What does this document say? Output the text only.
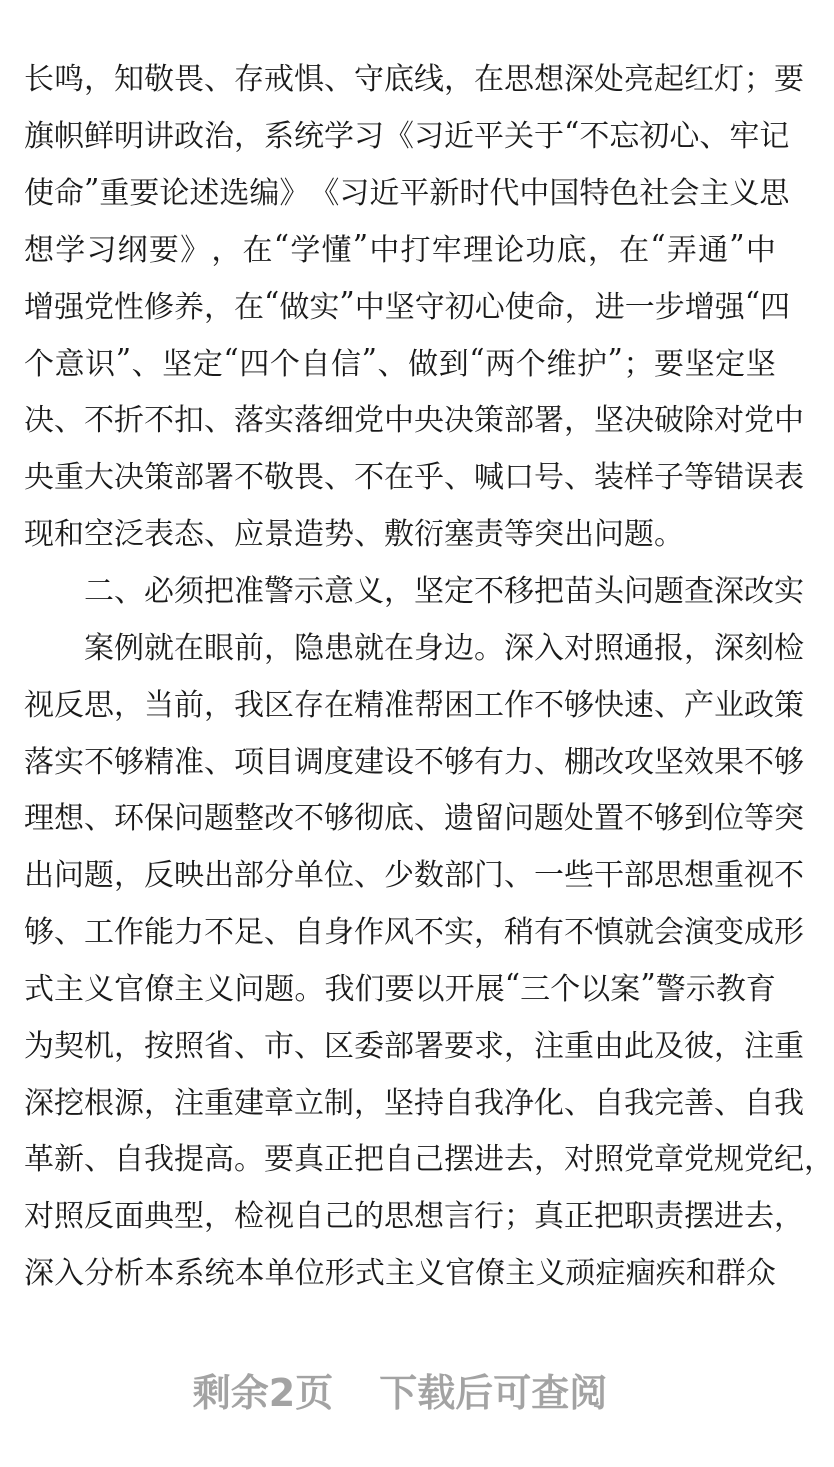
长 鸣 ， 知 敬 畏 、 存 戒 惧 、 守 底 线 ， 在 思 想 深 处 亮 起 红 灯 ； 要
旗 帜 鲜 明 讲 政 治 ， 系 统 学 习 《 习 近 平 关 于 “ 不 忘 初 心 、 牢 记
使 命 ” 重 要 论 述 选 编 》 《 习 近 平 新 时 代 中 国 特 色 社 会 主 义 思
想 学 习 纲 要 》 ， 在 “ 学 懂 ” 中 打 牢 理 论 功 底 ， 在 “ 弄 通 ” 中
增 强 党 性 修 养 ， 在 “ 做 实 ” 中 坚 守 初 心 使 命 ， 进 一 步 增 强 “ 四
个 意 识 ” 、 坚 定 “ 四 个 自 信 ” 、 做 到 “ 两 个 维 护 ” ； 要 坚 定 坚
决 、 不 折 不 扣 、 落 实 落 细 党 中 央 决 策 部 署 ， 坚 决 破 除 对 党 中
央 重 大 决 策 部 署 不 敬 畏 、 不 在 乎 、 喊 口 号 、 装 样 子 等 错 误 表
现和空泛表态、应景造势、敷衍塞责等突出问题。
二 、 必 须 把 准 警 示 意 义 ， 坚 定 不 移 把 苗 头 问 题 查 深 改 实
案 例 就 在 眼 前 ， 隐 患 就 在 身 边 。 深 入 对 照 通 报 ， 深 刻 检
视 反 思 ， 当 前 ， 我 区 存 在 精 准 帮 困 工 作 不 够 快 速 、 产 业 政 策
落 实 不 够 精 准 、 项 目 调 度 建 设 不 够 有 力 、 棚 改 攻 坚 效 果 不 够
理 想 、 环 保 问 题 整 改 不 够 彻 底 、 遗 留 问 题 处 置 不 够 到 位 等 突
出 问 题 ， 反 映 出 部 分 单 位 、 少 数 部 门 、 一 些 干 部 思 想 重 视 不
够 、 工 作 能 力 不 足 、 自 身 作 风 不 实 ， 稍 有 不 慎 就 会 演 变 成 形
式 主 义 官 僚 主 义 问 题 。 我 们 要 以 开 展 “ 三 个 以 案 ” 警 示 教 育
为 契 机 ， 按 照 省 、 市 、 区 委 部 署 要 求 ， 注 重 由 此 及 彼 ， 注 重
深 挖 根 源 ， 注 重 建 章 立 制 ， 坚 持 自 我 净 化 、 自 我 完 善 、 自 我
革 新 、 自 我 提 高 。 要 真 正 把 自 己 摆 进 去 ， 对 照 党 章 党 规 党 纪 ，
对 照 反 面 典 型 ， 检 视 自 己 的 思 想 言 行 ； 真 正 把 职 责 摆 进 去 ，
深 入 分 析 本 系 统 本 单 位 形 式 主 义 官 僚 主 义 顽 症 痼 疾 和 群 众
剩余2页 下载后可查阅
